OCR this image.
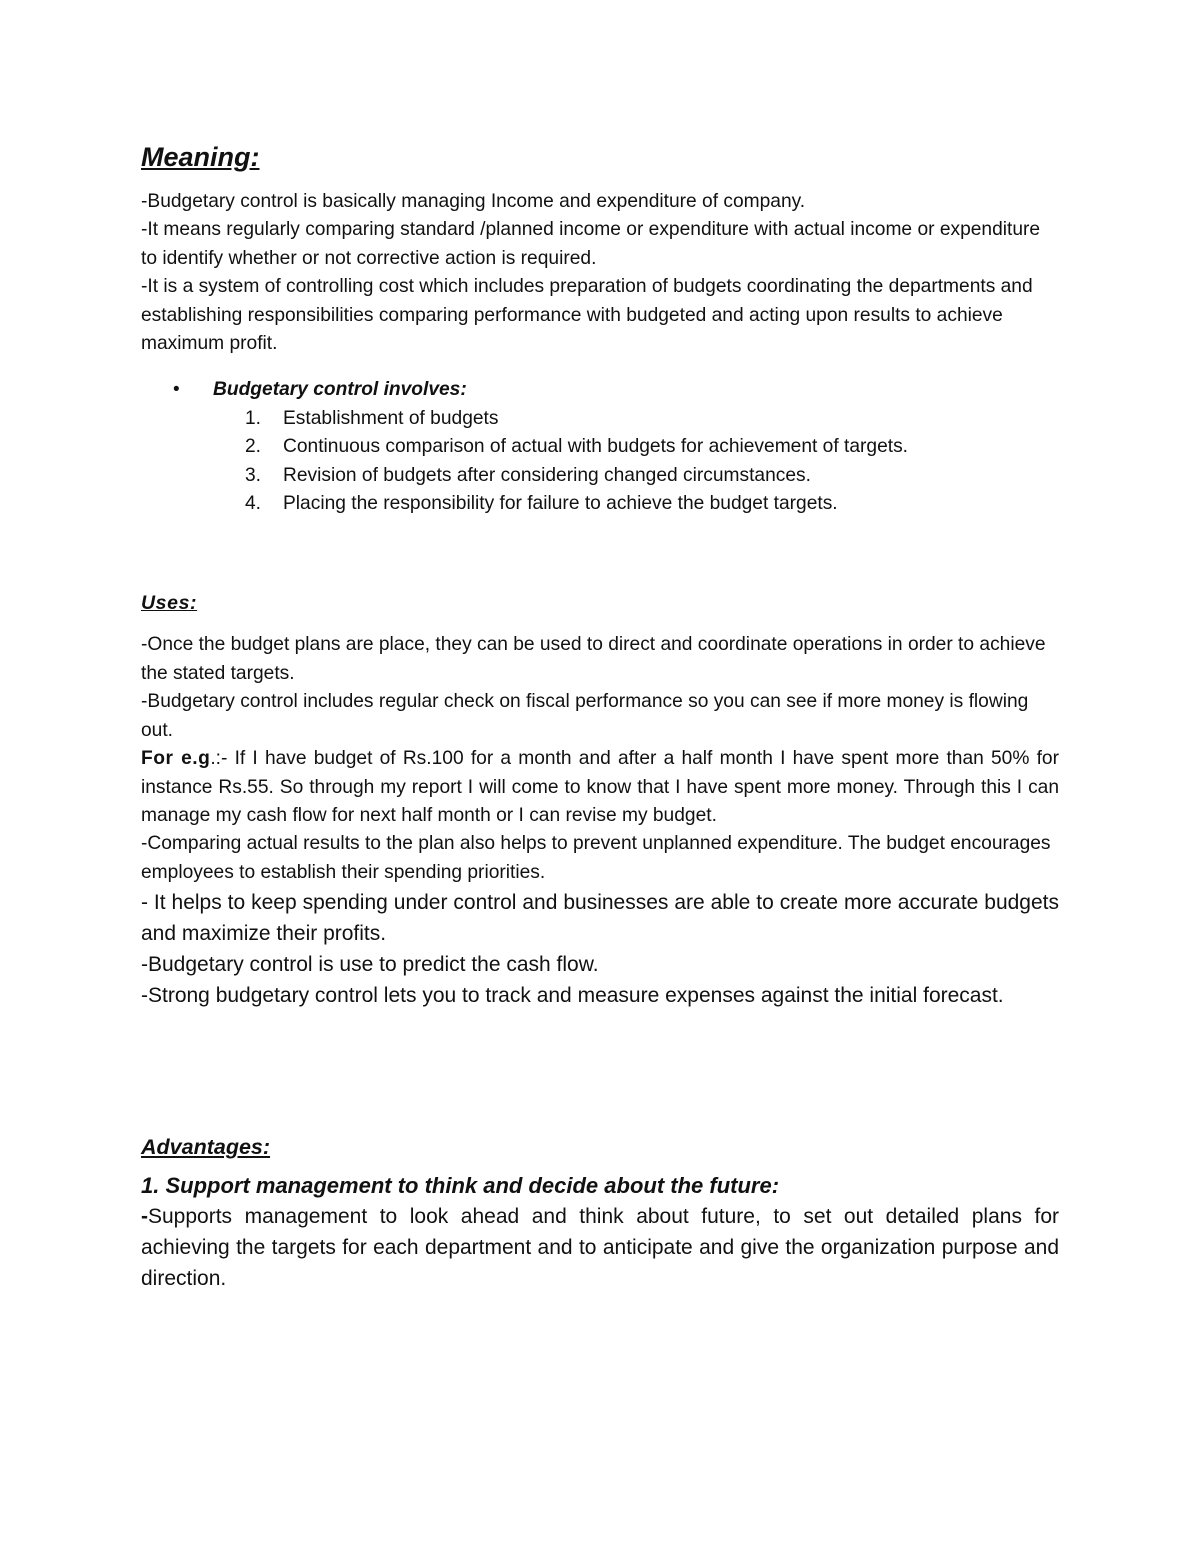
Meaning:

-Budgetary control is basically managing Income and expenditure of company.

-It means regularly comparing standard /planned income or expenditure with actual income or expenditure to identify whether or not corrective action is required.

-It is a system of controlling cost which includes preparation of budgets coordinating the departments and establishing responsibilities comparing performance with budgeted and acting upon results to achieve maximum profit.

•	Budgetary control involves:
1.	Establishment of budgets
2.	Continuous comparison of actual with budgets for achievement of targets.
3.	Revision of budgets after considering changed circumstances.
4.	Placing the responsibility for failure to achieve the budget targets.
Uses:

-Once the budget plans are place, they can be used to direct and coordinate operations in order to achieve the stated targets.

-Budgetary control includes regular check on fiscal performance so you can see if more money is flowing out.

For e.g.:- If I have budget of Rs.100 for a month and after a half month I have spent more than 50% for instance Rs.55. So through my report I will come to know that I have spent more money. Through this I can manage my cash flow for next half month or I can revise my budget.

-Comparing actual results to the plan also helps to prevent unplanned expenditure. The budget encourages employees to establish their spending priorities.

- It helps to keep spending under control and businesses are able to create more accurate budgets and maximize their profits.

-Budgetary control is use to predict the cash flow.

-Strong budgetary control lets you to track and measure expenses against the initial forecast.

Advantages:

1. Support management to think and decide about the future:

-Supports management to look ahead and think about future, to set out detailed plans for achieving the targets for each department and to anticipate and give the organization purpose and direction.
